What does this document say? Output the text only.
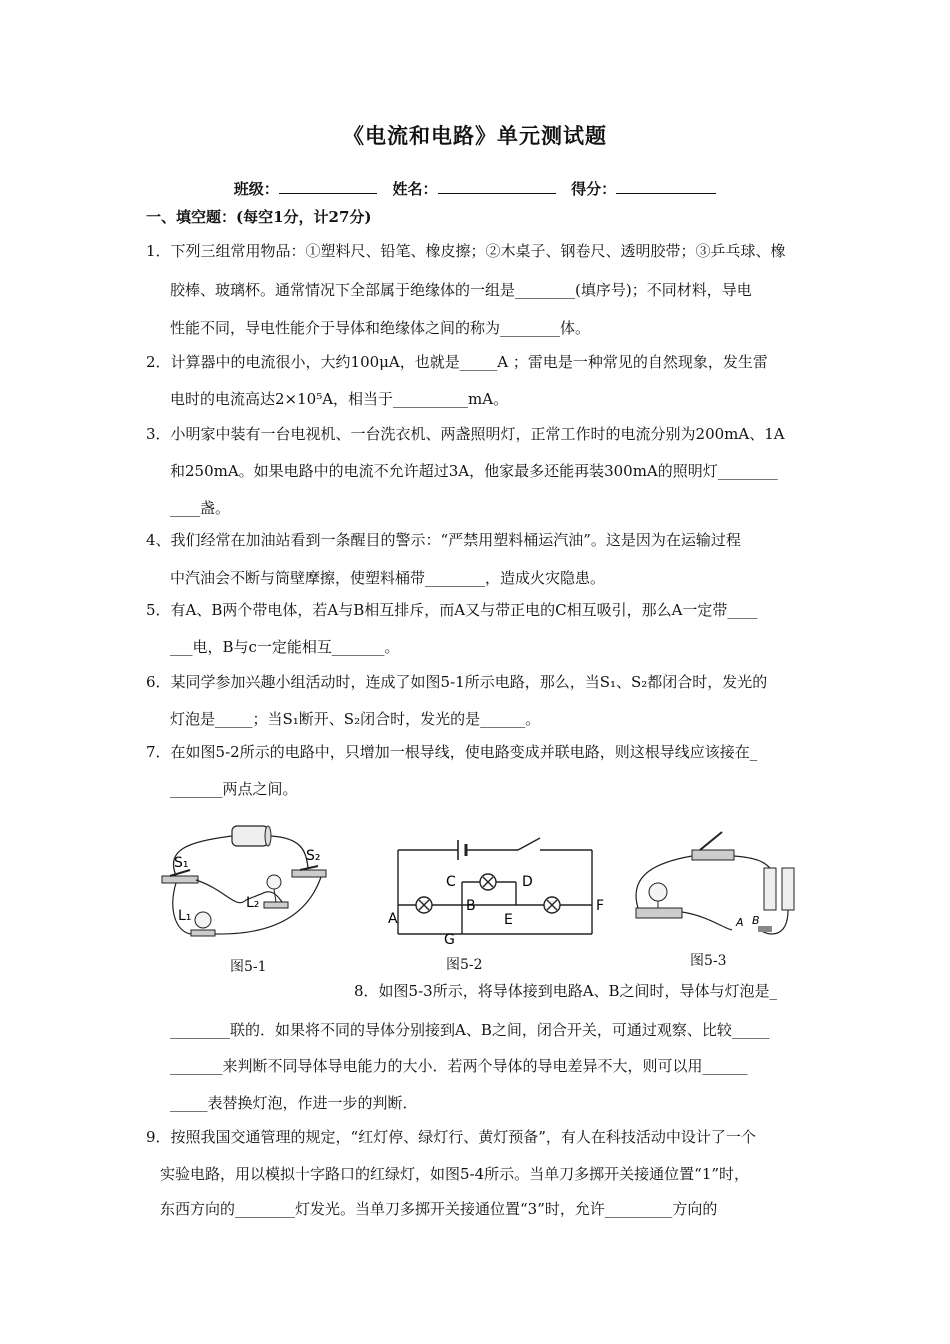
《电流和电路》单元测试题
班级：	姓名：	得分：
一、填空题：(每空1分，计27分)
1．下列三组常用物品：①塑料尺、铅笔、橡皮擦；②木桌子、钢卷尺、透明胶带；③乒乓球、橡
胶棒、玻璃杯。通常情况下全部属于绝缘体的一组是________(填序号)；不同材料，导电
性能不同，导电性能介于导体和绝缘体之间的称为________体。
2．计算器中的电流很小，大约100μA，也就是_____A ；雷电是一种常见的自然现象，发生雷
电时的电流高达2×10⁵A，相当于__________mA。
3．小明家中装有一台电视机、一台洗衣机、两盏照明灯，正常工作时的电流分别为200mA、1A
和250mA。如果电路中的电流不允许超过3A，他家最多还能再装300mA的照明灯________
____盏。
4、我们经常在加油站看到一条醒目的警示：“严禁用塑料桶运汽油”。这是因为在运输过程
中汽油会不断与筒壁摩擦，使塑料桶带________，造成火灾隐患。
5．有A、B两个带电体，若A与B相互排斥，而A又与带正电的C相互吸引，那么A一定带____
___电，B与c一定能相互_______。
6．某同学参加兴趣小组活动时，连成了如图5-1所示电路，那么，当S₁、S₂都闭合时，发光的
灯泡是_____；当S₁断开、S₂闭合时，发光的是______。
7．在如图5-2所示的电路中，只增加一根导线，使电路变成并联电路，则这根导线应该接在_
_______两点之间。
S₁	S₂
L₁
L₂
图5-1
A
B
C	D
E
F
G
图5-2
A B
图5-3
8．如图5-3所示，将导体接到电路A、B之间时，导体与灯泡是_
________联的．如果将不同的导体分别接到A、B之间，闭合开关，可通过观察、比较_____
_______来判断不同导体导电能力的大小．若两个导体的导电差异不大，则可以用______
_____表替换灯泡，作进一步的判断．
9．按照我国交通管理的规定，“红灯停、绿灯行、黄灯预备”，有人在科技活动中设计了一个
实验电路，用以模拟十字路口的红绿灯，如图5-4所示。当单刀多掷开关接通位置“1”时，
东西方向的________灯发光。当单刀多掷开关接通位置“3”时，允许_________方向的
